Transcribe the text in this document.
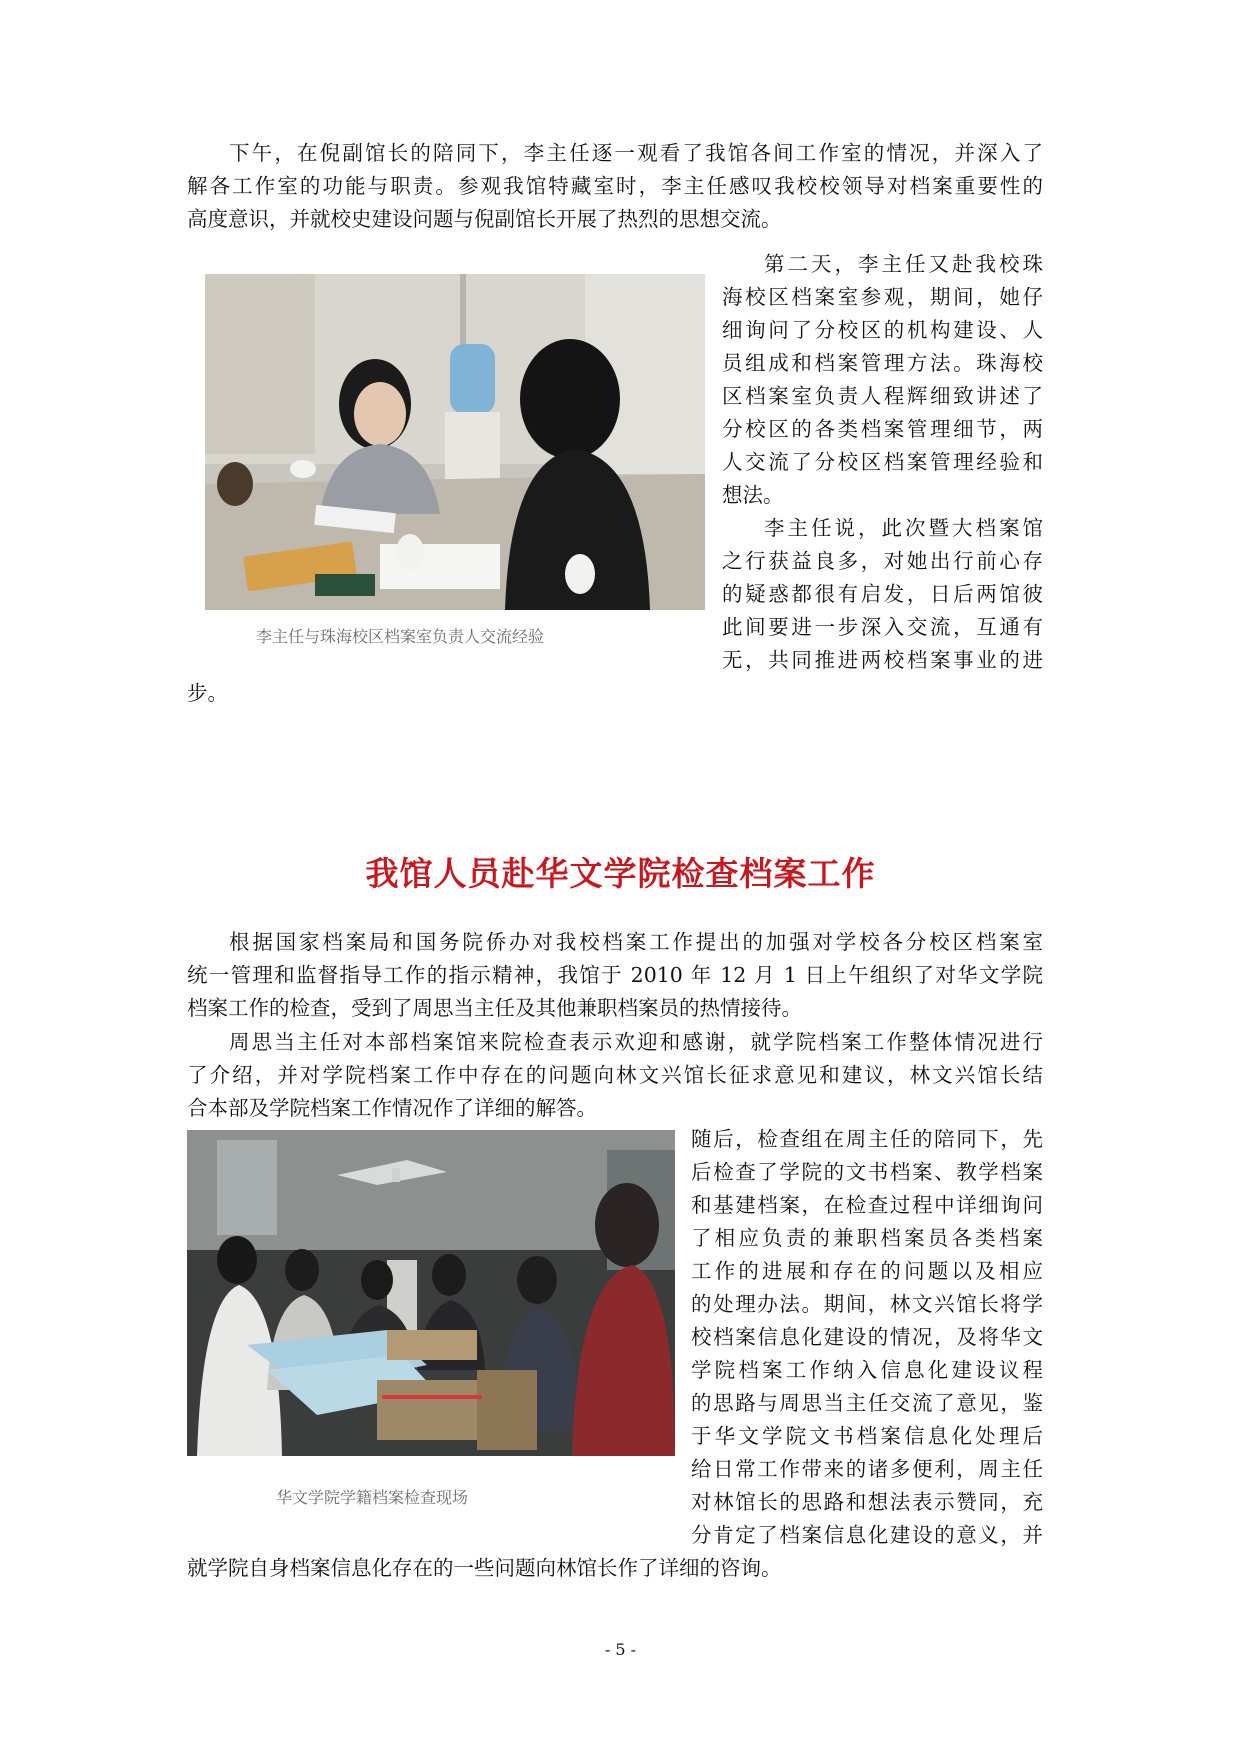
下午，在倪副馆长的陪同下，李主任逐一观看了我馆各间工作室的情况，并深入了
解各工作室的功能与职责。参观我馆特藏室时，李主任感叹我校校领导对档案重要性的
高度意识，并就校史建设问题与倪副馆长开展了热烈的思想交流。
李主任与珠海校区档案室负责人交流经验
第二天，李主任又赴我校珠
海校区档案室参观，期间，她仔
细询问了分校区的机构建设、人
员组成和档案管理方法。珠海校
区档案室负责人程辉细致讲述了
分校区的各类档案管理细节，两
人交流了分校区档案管理经验和
想法。
李主任说，此次暨大档案馆
之行获益良多，对她出行前心存
的疑惑都很有启发，日后两馆彼
此间要进一步深入交流，互通有
无，共同推进两校档案事业的进
步。
我馆人员赴华文学院检查档案工作
根据国家档案局和国务院侨办对我校档案工作提出的加强对学校各分校区档案室
统一管理和监督指导工作的指示精神，我馆于 2010 年 12 月 1 日上午组织了对华文学院
档案工作的检查，受到了周思当主任及其他兼职档案员的热情接待。
周思当主任对本部档案馆来院检查表示欢迎和感谢，就学院档案工作整体情况进行
了介绍，并对学院档案工作中存在的问题向林文兴馆长征求意见和建议，林文兴馆长结
合本部及学院档案工作情况作了详细的解答。
华文学院学籍档案检查现场
随后，检查组在周主任的陪同下，先
后检查了学院的文书档案、教学档案
和基建档案，在检查过程中详细询问
了相应负责的兼职档案员各类档案
工作的进展和存在的问题以及相应
的处理办法。期间，林文兴馆长将学
校档案信息化建设的情况，及将华文
学院档案工作纳入信息化建设议程
的思路与周思当主任交流了意见，鉴
于华文学院文书档案信息化处理后
给日常工作带来的诸多便利，周主任
对林馆长的思路和想法表示赞同，充
分肯定了档案信息化建设的意义，并
就学院自身档案信息化存在的一些问题向林馆长作了详细的咨询。
- 5 -
